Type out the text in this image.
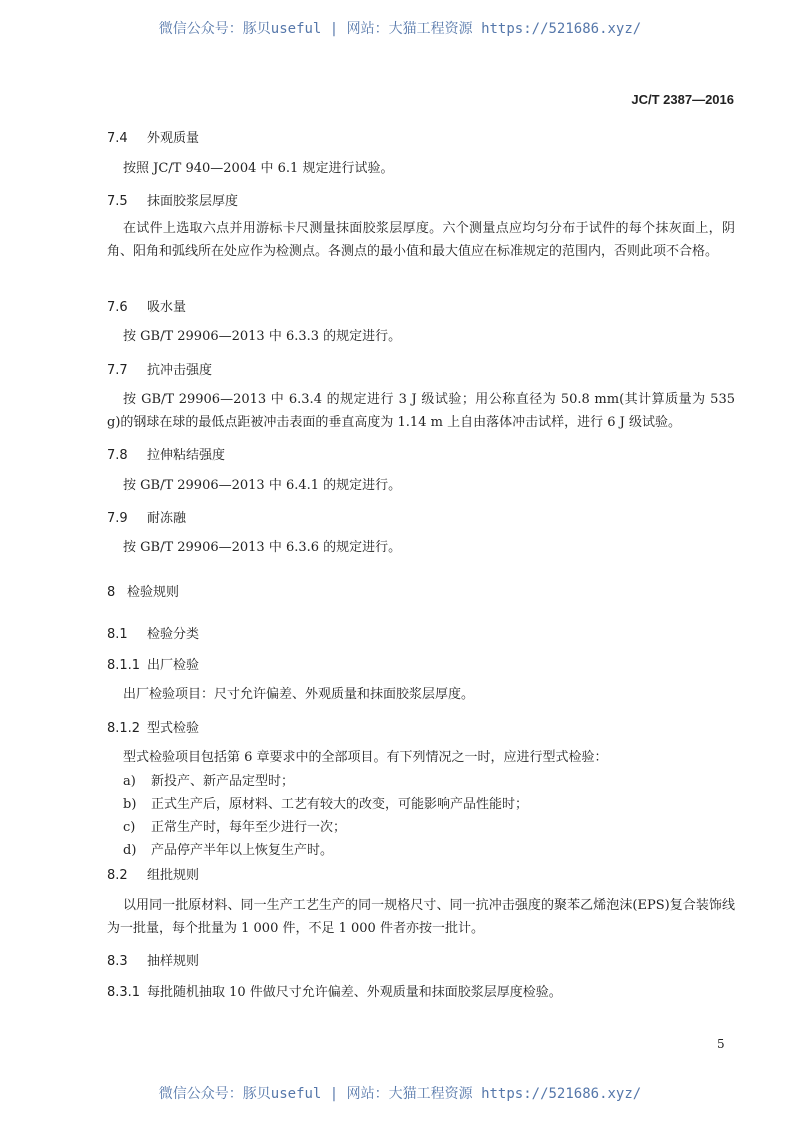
微信公众号：豚贝useful | 网站：大猫工程资源 https://521686.xyz/
JC/T 2387—2016
7.4 外观质量
按照 JC/T 940—2004 中 6.1 规定进行试验。
7.5 抹面胶浆层厚度
在试件上选取六点并用游标卡尺测量抹面胶浆层厚度。六个测量点应均匀分布于试件的每个抹灰面上，阴角、阳角和弧线所在处应作为检测点。各测点的最小值和最大值应在标准规定的范围内，否则此项不合格。
7.6 吸水量
按 GB/T 29906—2013 中 6.3.3 的规定进行。
7.7 抗冲击强度
按 GB/T 29906—2013 中 6.3.4 的规定进行 3 J 级试验；用公称直径为 50.8 mm(其计算质量为 535 g)的钢球在球的最低点距被冲击表面的垂直高度为 1.14 m 上自由落体冲击试样，进行 6 J 级试验。
7.8 拉伸粘结强度
按 GB/T 29906—2013 中 6.4.1 的规定进行。
7.9 耐冻融
按 GB/T 29906—2013 中 6.3.6 的规定进行。
8 检验规则
8.1 检验分类
8.1.1 出厂检验
出厂检验项目：尺寸允许偏差、外观质量和抹面胶浆层厚度。
8.1.2 型式检验
型式检验项目包括第 6 章要求中的全部项目。有下列情况之一时，应进行型式检验：
a) 新投产、新产品定型时；
b) 正式生产后，原材料、工艺有较大的改变，可能影响产品性能时；
c) 正常生产时，每年至少进行一次；
d) 产品停产半年以上恢复生产时。
8.2 组批规则
以用同一批原材料、同一生产工艺生产的同一规格尺寸、同一抗冲击强度的聚苯乙烯泡沫(EPS)复合装饰线为一批量，每个批量为 1 000 件，不足 1 000 件者亦按一批计。
8.3 抽样规则
8.3.1 每批随机抽取 10 件做尺寸允许偏差、外观质量和抹面胶浆层厚度检验。
5
微信公众号：豚贝useful | 网站：大猫工程资源 https://521686.xyz/
